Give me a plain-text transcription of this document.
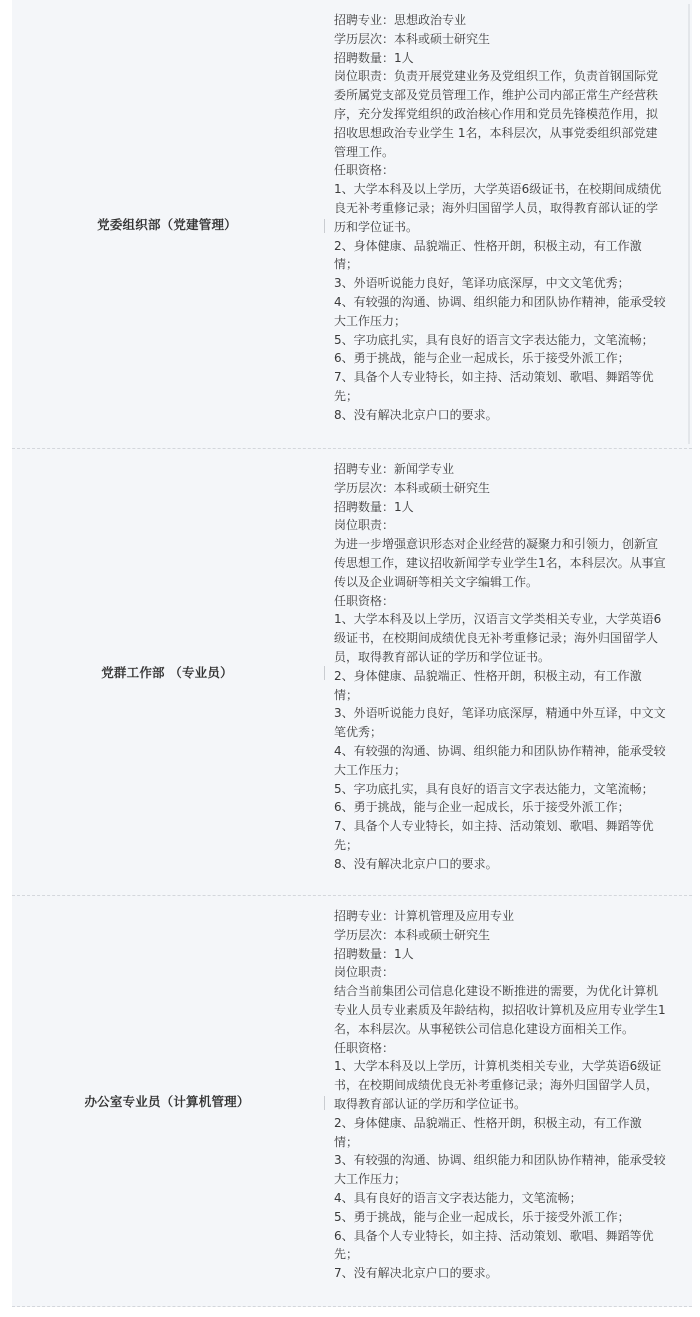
党委组织部（党建管理）
招聘专业：思想政治专业
学历层次：本科或硕士研究生
招聘数量：1人
岗位职责：负责开展党建业务及党组织工作，负责首钢国际党
委所属党支部及党员管理工作，维护公司内部正常生产经营秩
序，充分发挥党组织的政治核心作用和党员先锋模范作用，拟
招收思想政治专业学生 1名，本科层次，从事党委组织部党建
管理工作。
任职资格：
1、大学本科及以上学历，大学英语6级证书，在校期间成绩优
良无补考重修记录；海外归国留学人员，取得教育部认证的学
历和学位证书。
2、身体健康、品貌端正、性格开朗，积极主动，有工作激
情；
3、外语听说能力良好，笔译功底深厚，中文文笔优秀；
4、有较强的沟通、协调、组织能力和团队协作精神，能承受较
大工作压力；
5、字功底扎实，具有良好的语言文字表达能力，文笔流畅；
6、勇于挑战，能与企业一起成长，乐于接受外派工作；
7、具备个人专业特长，如主持、活动策划、歌唱、舞蹈等优
先；
8、没有解决北京户口的要求。
党群工作部 （专业员）
招聘专业：新闻学专业
学历层次：本科或硕士研究生
招聘数量：1人
岗位职责：
为进一步增强意识形态对企业经营的凝聚力和引领力，创新宣
传思想工作，建议招收新闻学专业学生1名，本科层次。从事宣
传以及企业调研等相关文字编辑工作。
任职资格：
1、大学本科及以上学历，汉语言文学类相关专业，大学英语6
级证书，在校期间成绩优良无补考重修记录；海外归国留学人
员，取得教育部认证的学历和学位证书。
2、身体健康、品貌端正、性格开朗，积极主动，有工作激
情；
3、外语听说能力良好，笔译功底深厚，精通中外互译，中文文
笔优秀；
4、有较强的沟通、协调、组织能力和团队协作精神，能承受较
大工作压力；
5、字功底扎实，具有良好的语言文字表达能力，文笔流畅；
6、勇于挑战，能与企业一起成长，乐于接受外派工作；
7、具备个人专业特长，如主持、活动策划、歌唱、舞蹈等优
先；
8、没有解决北京户口的要求。
办公室专业员（计算机管理）
招聘专业：计算机管理及应用专业
学历层次：本科或硕士研究生
招聘数量：1人
岗位职责：
结合当前集团公司信息化建设不断推进的需要，为优化计算机
专业人员专业素质及年龄结构，拟招收计算机及应用专业学生1
名，本科层次。从事秘铁公司信息化建设方面相关工作。
任职资格：
1、大学本科及以上学历，计算机类相关专业，大学英语6级证
书，在校期间成绩优良无补考重修记录；海外归国留学人员，
取得教育部认证的学历和学位证书。
2、身体健康、品貌端正、性格开朗，积极主动，有工作激
情；
3、有较强的沟通、协调、组织能力和团队协作精神，能承受较
大工作压力；
4、具有良好的语言文字表达能力，文笔流畅；
5、勇于挑战，能与企业一起成长，乐于接受外派工作；
6、具备个人专业特长，如主持、活动策划、歌唱、舞蹈等优
先；
7、没有解决北京户口的要求。
